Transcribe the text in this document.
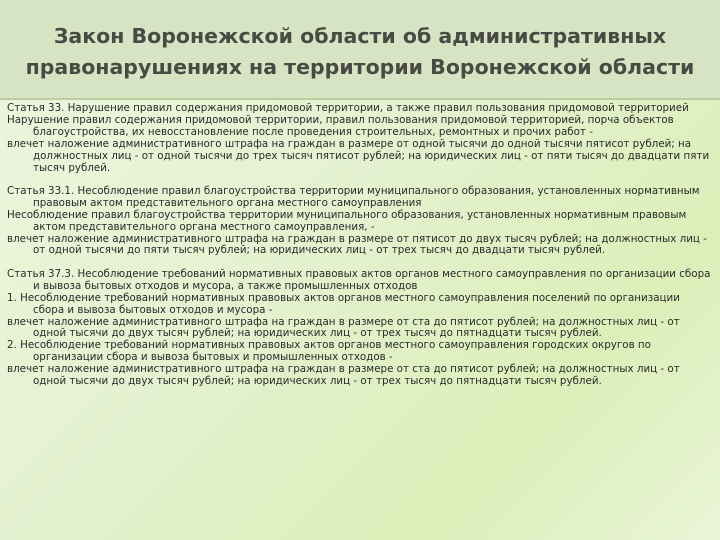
Закон Воронежской области об административных правонарушениях на территории Воронежской области

Статья 33. Нарушение правил содержания придомовой территории, а также правил пользования придомовой территорией

Нарушение правил содержания придомовой территории, правил пользования придомовой территорией, порча объектов благоустройства, их невосстановление после проведения строительных, ремонтных и прочих работ -

влечет наложение административного штрафа на граждан в размере от одной тысячи до одной тысячи пятисот рублей; на должностных лиц - от одной тысячи до трех тысяч пятисот рублей; на юридических лиц - от пяти тысяч до двадцати пяти тысяч рублей.

Статья 33.1. Несоблюдение правил благоустройства территории муниципального образования, установленных нормативным правовым актом представительного органа местного самоуправления

Несоблюдение правил благоустройства территории муниципального образования, установленных нормативным правовым актом представительного органа местного самоуправления, -

влечет наложение административного штрафа на граждан в размере от пятисот до двух тысяч рублей; на должностных лиц - от одной тысячи до пяти тысяч рублей; на юридических лиц - от трех тысяч до двадцати тысяч рублей.

Статья 37.3. Несоблюдение требований нормативных правовых актов органов местного самоуправления по организации сбора и вывоза бытовых отходов и мусора, а также промышленных отходов

1. Несоблюдение требований нормативных правовых актов органов местного самоуправления поселений по организации сбора и вывоза бытовых отходов и мусора -

влечет наложение административного штрафа на граждан в размере от ста до пятисот рублей; на должностных лиц - от одной тысячи до двух тысяч рублей; на юридических лиц - от трех тысяч до пятнадцати тысяч рублей.

2. Несоблюдение требований нормативных правовых актов органов местного самоуправления городских округов по организации сбора и вывоза бытовых и промышленных отходов -

влечет наложение административного штрафа на граждан в размере от ста до пятисот рублей; на должностных лиц - от одной тысячи до двух тысяч рублей; на юридических лиц - от трех тысяч до пятнадцати тысяч рублей.
